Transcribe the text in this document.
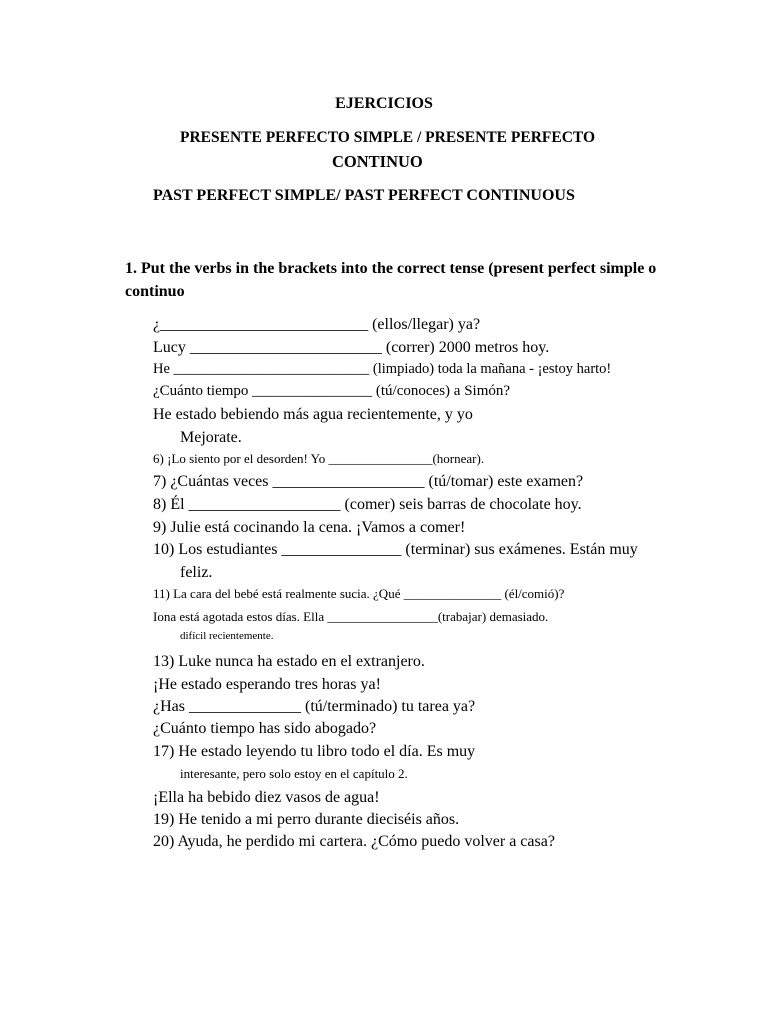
EJERCICIOS
PRESENTE PERFECTO SIMPLE / PRESENTE PERFECTO
CONTINUO
PAST PERFECT SIMPLE/ PAST PERFECT CONTINUOUS
1. Put the verbs in the brackets into the correct tense (present perfect simple o continuo
¿__________________________ (ellos/llegar) ya?
Lucy ________________________ (correr) 2000 metros hoy.
He ___________________________ (limpiado) toda la mañana - ¡estoy harto!
¿Cuánto tiempo ________________ (tú/conoces) a Simón?
He estado bebiendo más agua recientemente, y yo
Mejorate.
6) ¡Lo siento por el desorden! Yo ________________(hornear).
7) ¿Cuántas veces ___________________ (tú/tomar) este examen?
8) Él ___________________ (comer) seis barras de chocolate hoy.
9) Julie está cocinando la cena. ¡Vamos a comer!
10) Los estudiantes _______________ (terminar) sus exámenes. Están muy
feliz.
11) La cara del bebé está realmente sucia. ¿Qué _______________ (él/comió)?
Iona está agotada estos días. Ella _________________(trabajar) demasiado.
difícil recientemente.
13) Luke nunca ha estado en el extranjero.
¡He estado esperando tres horas ya!
¿Has ______________ (tú/terminado) tu tarea ya?
¿Cuánto tiempo has sido abogado?
17) He estado leyendo tu libro todo el día. Es muy
interesante, pero solo estoy en el capítulo 2.
¡Ella ha bebido diez vasos de agua!
19) He tenido a mi perro durante dieciséis años.
20) Ayuda, he perdido mi cartera. ¿Cómo puedo volver a casa?
